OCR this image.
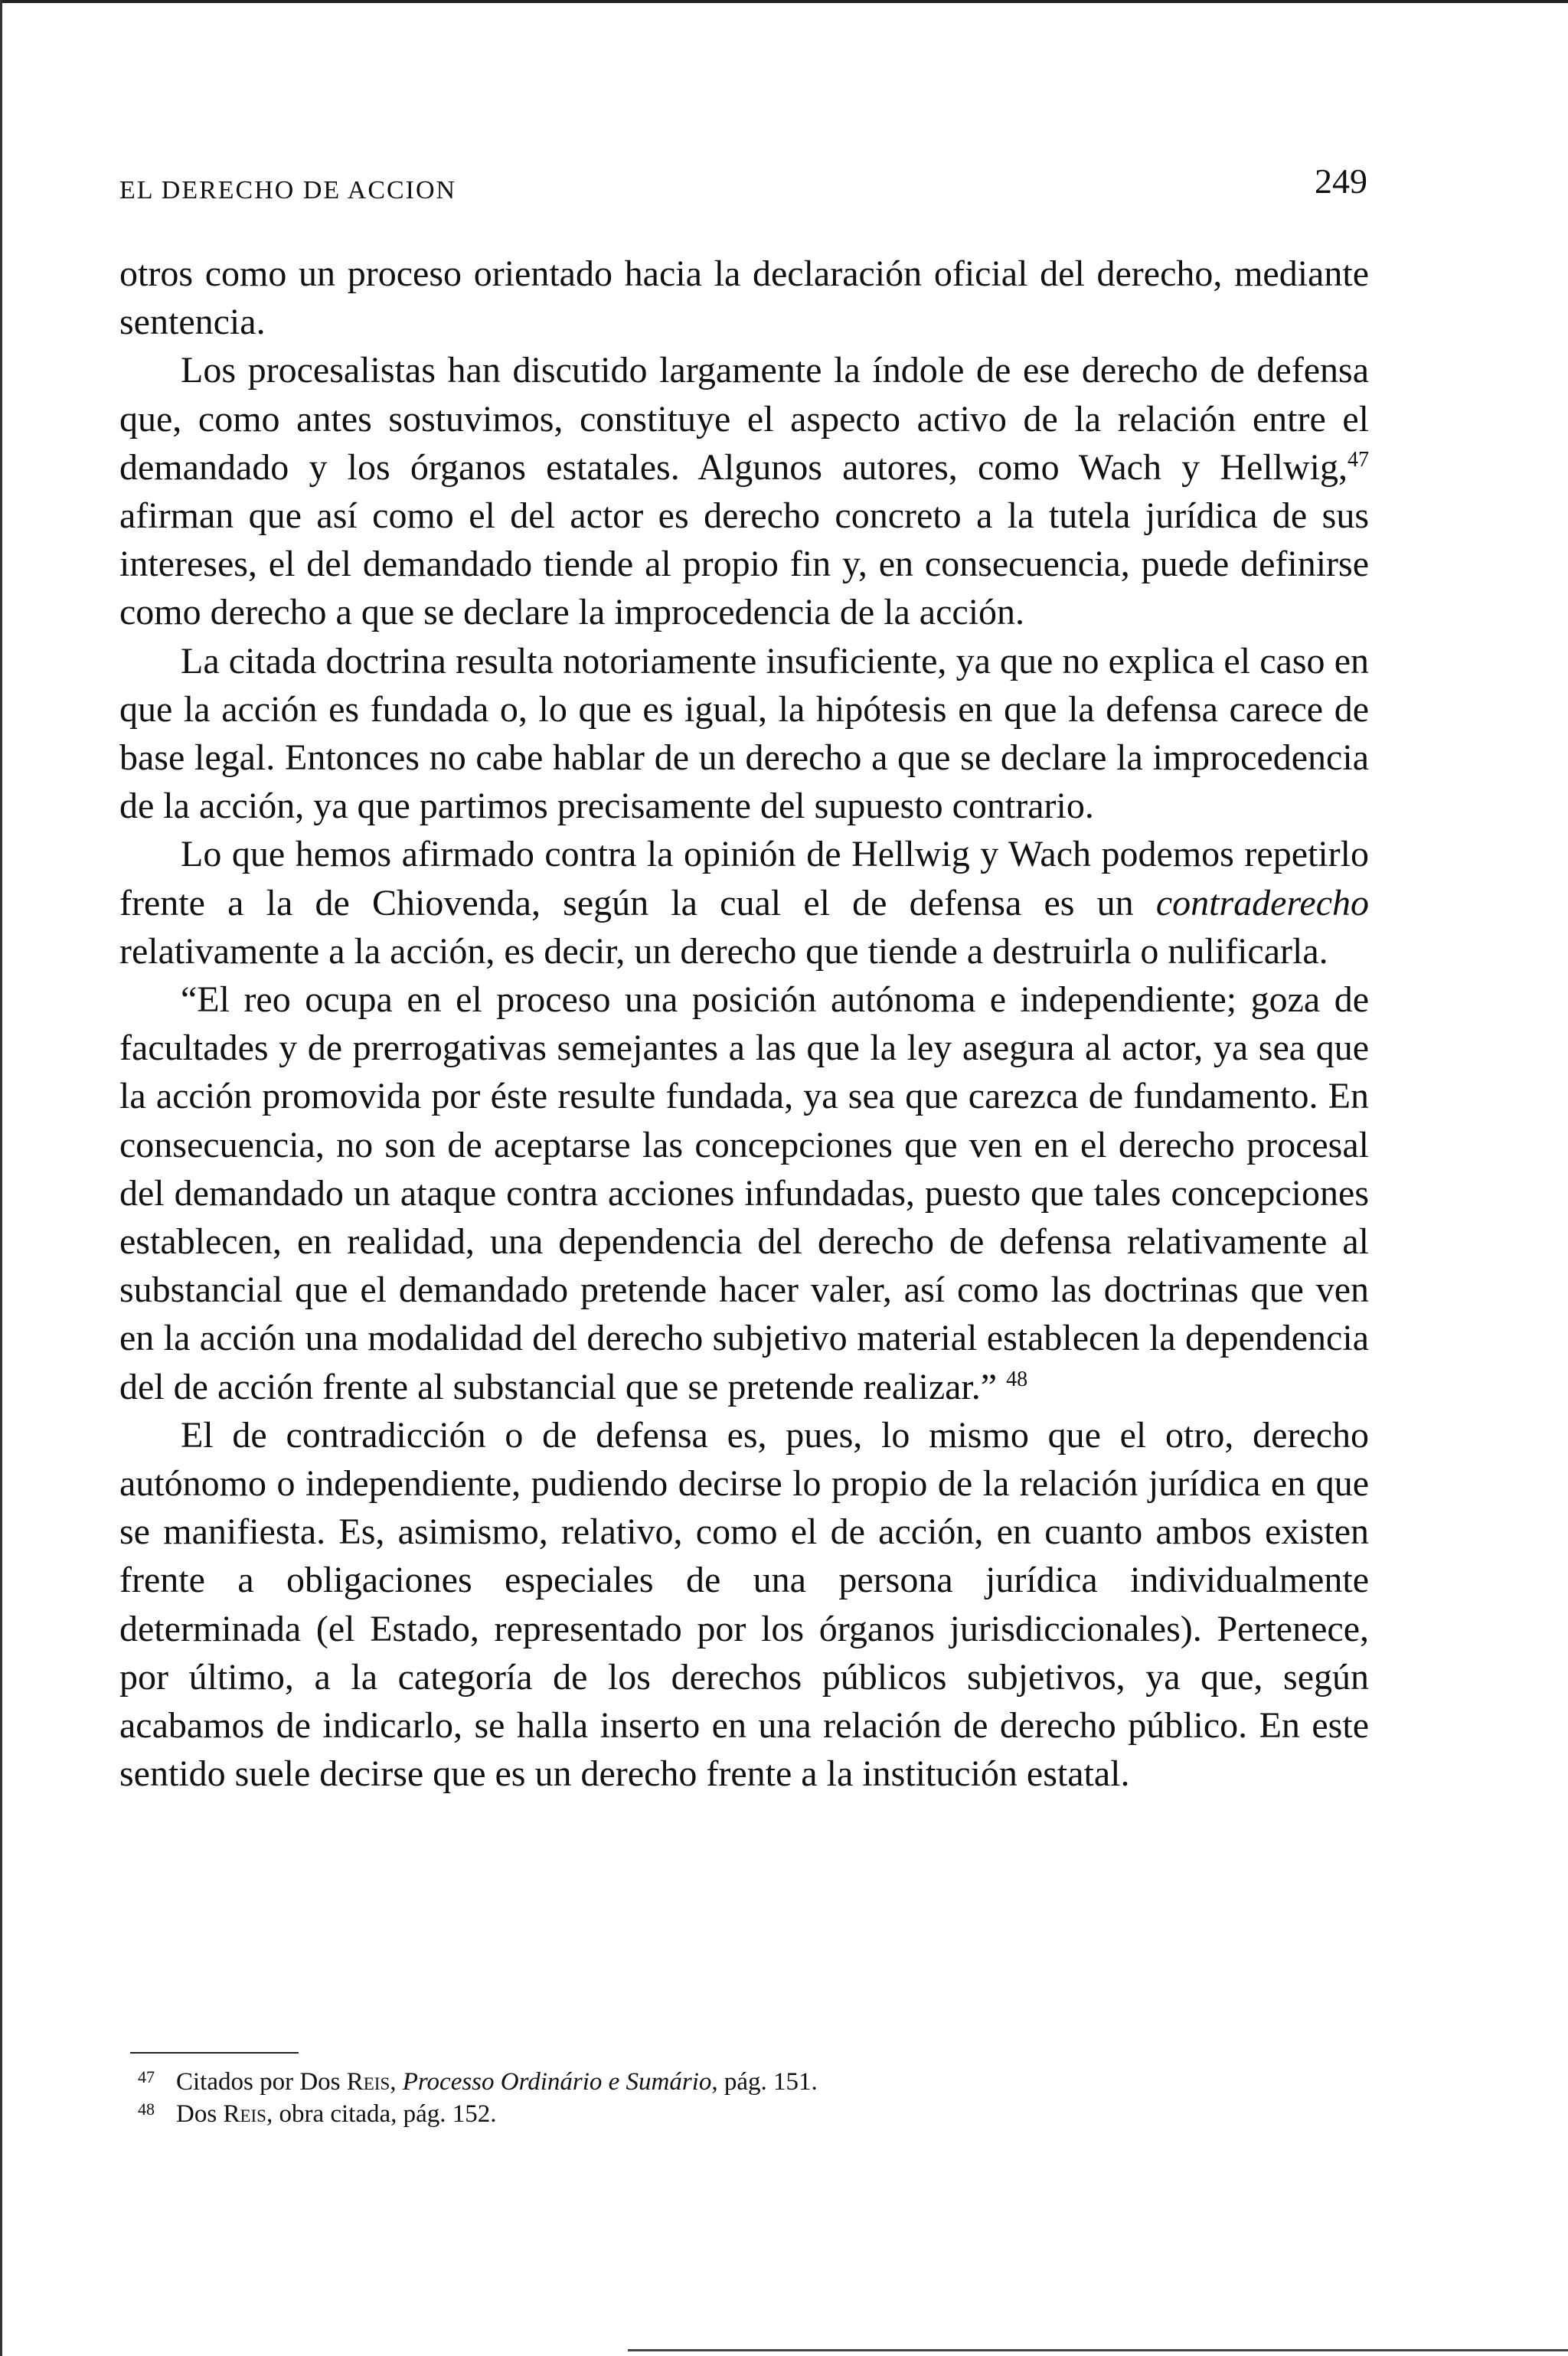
EL DERECHO DE ACCION	249

otros como un proceso orientado hacia la declaración oficial del derecho, mediante sentencia.

Los procesalistas han discutido largamente la índole de ese derecho de defensa que, como antes sostuvimos, constituye el aspecto activo de la relación entre el demandado y los órganos estatales. Algunos autores, como Wach y Hellwig,$^{47}$ afirman que así como el del actor es derecho concreto a la tutela jurídica de sus intereses, el del demandado tiende al propio fin y, en consecuencia, puede definirse como derecho a que se declare la improcedencia de la acción.

La citada doctrina resulta notoriamente insuficiente, ya que no explica el caso en que la acción es fundada o, lo que es igual, la hipótesis en que la defensa carece de base legal. Entonces no cabe hablar de un derecho a que se declare la improcedencia de la acción, ya que partimos precisamente del supuesto contrario.

Lo que hemos afirmado contra la opinión de Hellwig y Wach podemos repetirlo frente a la de Chiovenda, según la cual el de defensa es un contraderecho relativamente a la acción, es decir, un derecho que tiende a destruirla o nulificarla.

“El reo ocupa en el proceso una posición autónoma e independiente; goza de facultades y de prerrogativas semejantes a las que la ley asegura al actor, ya sea que la acción promovida por éste resulte fundada, ya sea que carezca de fundamento. En consecuencia, no son de aceptarse las concepciones que ven en el derecho procesal del demandado un ataque contra acciones infundadas, puesto que tales concepciones establecen, en realidad, una dependencia del derecho de defensa relativamente al substancial que el demandado pretende hacer valer, así como las doctrinas que ven en la acción una modalidad del derecho subjetivo material establecen la dependencia del de acción frente al substancial que se pretende realizar.” $^{48}$

El de contradicción o de defensa es, pues, lo mismo que el otro, derecho autónomo o independiente, pudiendo decirse lo propio de la relación jurídica en que se manifiesta. Es, asimismo, relativo, como el de acción, en cuanto ambos existen frente a obligaciones especiales de una persona jurídica individualmente determinada (el Estado, representado por los órganos jurisdiccionales). Pertenece, por último, a la categoría de los derechos públicos subjetivos, ya que, según acabamos de indicarlo, se halla inserto en una relación de derecho público. En este sentido suele decirse que es un derecho frente a la institución estatal.

47 Citados por Dos Reis, Processo Ordinário e Sumário, pág. 151.

48 Dos Reis, obra citada, pág. 152.
